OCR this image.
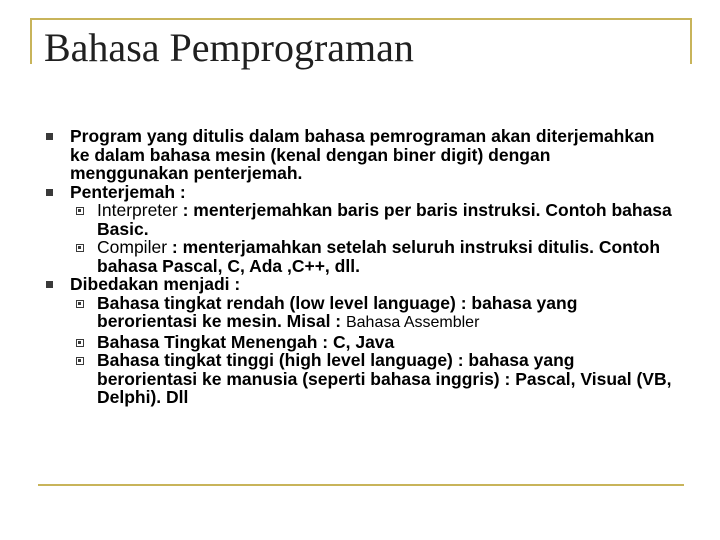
Bahasa Pemprograman
Program yang ditulis dalam bahasa pemrograman akan diterjemahkan ke dalam bahasa mesin (kenal dengan biner digit) dengan menggunakan penterjemah.
Penterjemah :
Interpreter : menterjemahkan baris per baris instruksi. Contoh bahasa Basic.
Compiler : menterjamahkan setelah seluruh instruksi ditulis. Contoh bahasa Pascal, C, Ada ,C++, dll.
Dibedakan menjadi :
Bahasa tingkat rendah (low level language) : bahasa yang berorientasi ke mesin. Misal : Bahasa Assembler
Bahasa Tingkat Menengah : C, Java
Bahasa tingkat tinggi (high level language) : bahasa yang berorientasi ke manusia (seperti bahasa inggris) : Pascal, Visual (VB, Delphi). Dll
